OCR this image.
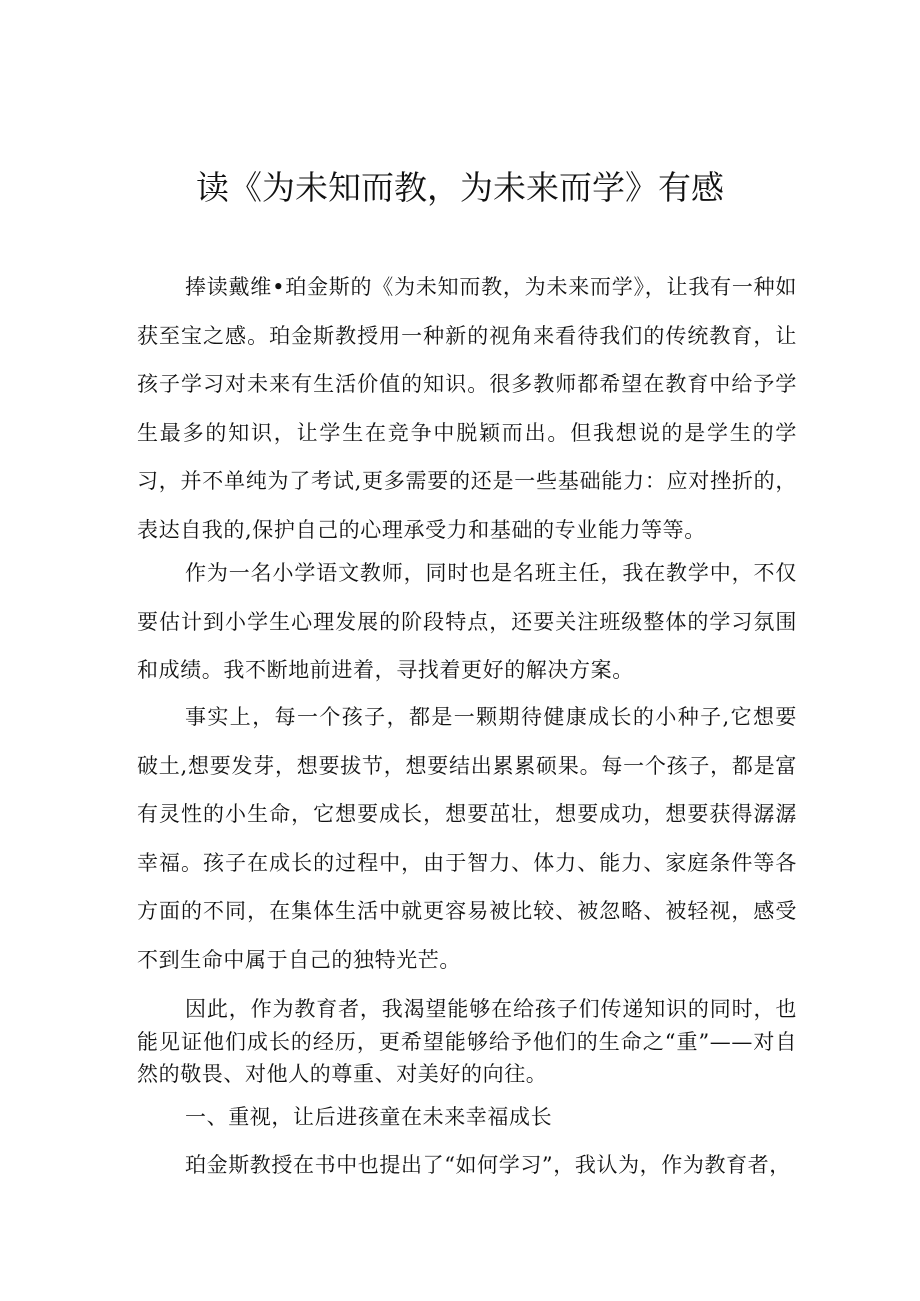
读《为未知而教，为未来而学》有感

捧读戴维•珀金斯的《为未知而教，为未来而学》，让我有一种如获至宝之感。珀金斯教授用一种新的视角来看待我们的传统教育，让孩子学习对未来有生活价值的知识。很多教师都希望在教育中给予学生最多的知识，让学生在竞争中脱颖而出。但我想说的是学生的学习，并不单纯为了考试,更多需要的还是一些基础能力：应对挫折的，表达自我的,保护自己的心理承受力和基础的专业能力等等。

作为一名小学语文教师，同时也是名班主任，我在教学中，不仅要估计到小学生心理发展的阶段特点，还要关注班级整体的学习氛围和成绩。我不断地前进着，寻找着更好的解决方案。

事实上，每一个孩子，都是一颗期待健康成长的小种子,它想要破土,想要发芽，想要拔节，想要结出累累硕果。每一个孩子，都是富有灵性的小生命，它想要成长，想要茁壮，想要成功，想要获得潺潺幸福。孩子在成长的过程中，由于智力、体力、能力、家庭条件等各方面的不同，在集体生活中就更容易被比较、被忽略、被轻视，感受不到生命中属于自己的独特光芒。

因此，作为教育者，我渴望能够在给孩子们传递知识的同时，也能见证他们成长的经历，更希望能够给予他们的生命之“重”——对自然的敬畏、对他人的尊重、对美好的向往。

一、重视，让后进孩童在未来幸福成长

珀金斯教授在书中也提出了“如何学习”，我认为，作为教育者，
